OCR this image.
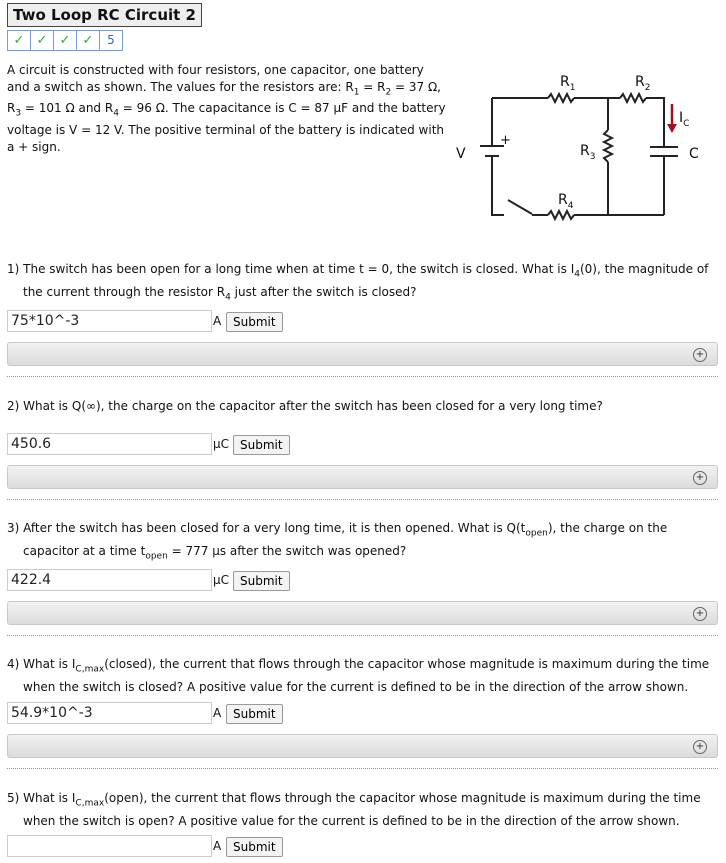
Two Loop RC Circuit 2
✓ ✓ ✓ ✓	5
A circuit is constructed with four resistors, one capacitor, one battery and a switch as shown. The values for the resistors are: $R_1 = R_2 = 37$ Ω, $R_3 = 101$ Ω and $R_4 = 96$ Ω. The capacitance is C = 87 μF and the battery voltage is V = 12 V. The positive terminal of the battery is indicated with a + sign.
$R_1$	$R_2$
$R_3$
$R_4$
V
+
$I_C$
C
1) The switch has been open for a long time when at time t = 0, the switch is closed. What is $I_4(0)$, the magnitude of the current through the resistor $R_4$ just after the switch is closed?
75*10^-3
A Submit
+
2) What is Q(∞), the charge on the capacitor after the switch has been closed for a very long time?
450.6
μC Submit
+
3) After the switch has been closed for a very long time, it is then opened. What is $Q(t_{open})$, the charge on the capacitor at a time $t_{open} = 777$ μs after the switch was opened?
422.4
μC Submit
+
4) What is $I_{C,max}(closed)$, the current that flows through the capacitor whose magnitude is maximum during the time when the switch is closed? A positive value for the current is defined to be in the direction of the arrow shown.
54.9*10^-3
A Submit
+
5) What is $I_{C,max}(open)$, the current that flows through the capacitor whose magnitude is maximum during the time when the switch is open? A positive value for the current is defined to be in the direction of the arrow shown.
A Submit
